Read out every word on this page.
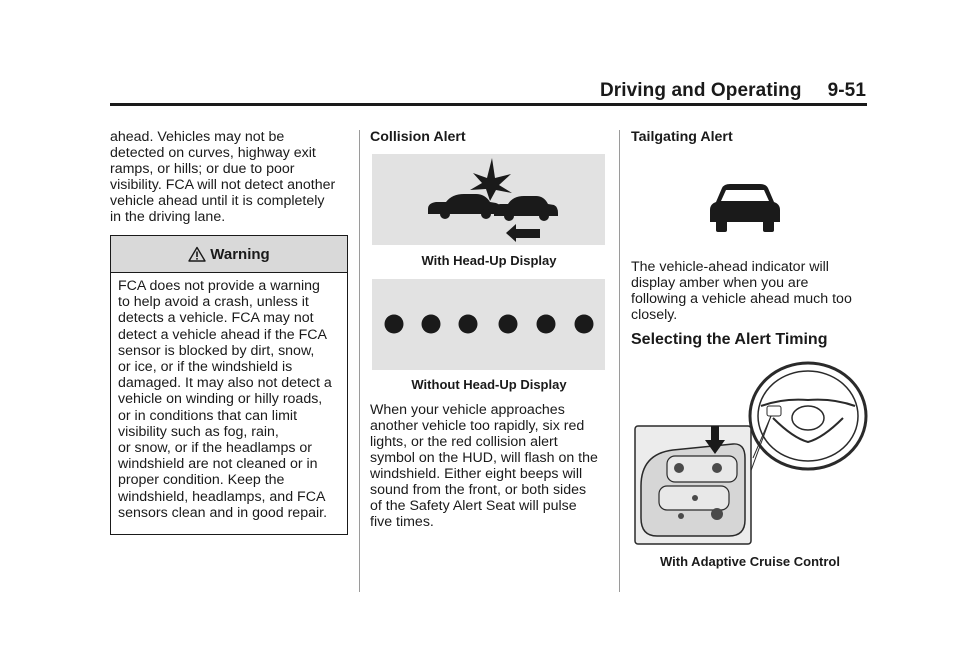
Driving and Operating 9-51
ahead. Vehicles may not be
detected on curves, highway exit
ramps, or hills; or due to poor
visibility. FCA will not detect another
vehicle ahead until it is completely
in the driving lane.
Warning
FCA does not provide a warning
to help avoid a crash, unless it
detects a vehicle. FCA may not
detect a vehicle ahead if the FCA
sensor is blocked by dirt, snow,
or ice, or if the windshield is
damaged. It may also not detect a
vehicle on winding or hilly roads,
or in conditions that can limit
visibility such as fog, rain,
or snow, or if the headlamps or
windshield are not cleaned or in
proper condition. Keep the
windshield, headlamps, and FCA
sensors clean and in good repair.
Collision Alert
With Head-Up Display
Without Head-Up Display
When your vehicle approaches
another vehicle too rapidly, six red
lights, or the red collision alert
symbol on the HUD, will flash on the
windshield. Either eight beeps will
sound from the front, or both sides
of the Safety Alert Seat will pulse
five times.
Tailgating Alert
The vehicle-ahead indicator will
display amber when you are
following a vehicle ahead much too
closely.
Selecting the Alert Timing
With Adaptive Cruise Control
